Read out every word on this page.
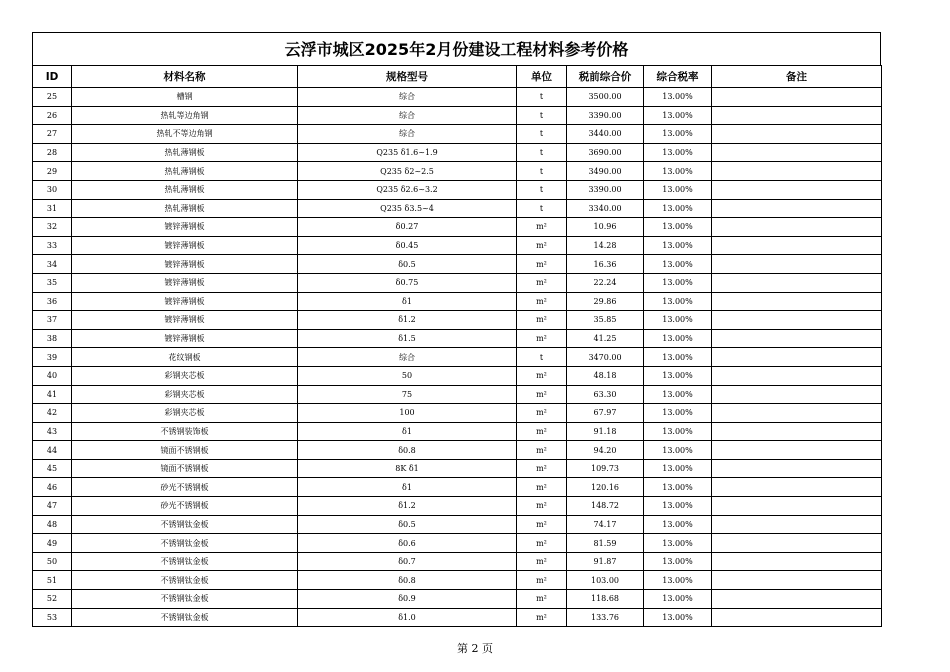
云浮市城区2025年2月份建设工程材料参考价格
ID	材料名称	规格型号	单位	税前综合价	综合税率	备注
25	槽钢	综合	t	3500.00	13.00%	
26	热轧等边角钢	综合	t	3390.00	13.00%	
27	热轧不等边角钢	综合	t	3440.00	13.00%	
28	热轧薄钢板	Q235 δ1.6~1.9	t	3690.00	13.00%	
29	热轧薄钢板	Q235 δ2~2.5	t	3490.00	13.00%	
30	热轧薄钢板	Q235 δ2.6~3.2	t	3390.00	13.00%	
31	热轧薄钢板	Q235 δ3.5~4	t	3340.00	13.00%	
32	镀锌薄钢板	δ0.27	m²	10.96	13.00%	
33	镀锌薄钢板	δ0.45	m²	14.28	13.00%	
34	镀锌薄钢板	δ0.5	m²	16.36	13.00%	
35	镀锌薄钢板	δ0.75	m²	22.24	13.00%	
36	镀锌薄钢板	δ1	m²	29.86	13.00%	
37	镀锌薄钢板	δ1.2	m²	35.85	13.00%	
38	镀锌薄钢板	δ1.5	m²	41.25	13.00%	
39	花纹钢板	综合	t	3470.00	13.00%	
40	彩钢夹芯板	50	m²	48.18	13.00%	
41	彩钢夹芯板	75	m²	63.30	13.00%	
42	彩钢夹芯板	100	m²	67.97	13.00%	
43	不锈钢装饰板	δ1	m²	91.18	13.00%	
44	镜面不锈钢板	δ0.8	m²	94.20	13.00%	
45	镜面不锈钢板	8K δ1	m²	109.73	13.00%	
46	砂光不锈钢板	δ1	m²	120.16	13.00%	
47	砂光不锈钢板	δ1.2	m²	148.72	13.00%	
48	不锈钢钛金板	δ0.5	m²	74.17	13.00%	
49	不锈钢钛金板	δ0.6	m²	81.59	13.00%	
50	不锈钢钛金板	δ0.7	m²	91.87	13.00%	
51	不锈钢钛金板	δ0.8	m²	103.00	13.00%	
52	不锈钢钛金板	δ0.9	m²	118.68	13.00%	
53	不锈钢钛金板	δ1.0	m²	133.76	13.00%	
第 2 页
